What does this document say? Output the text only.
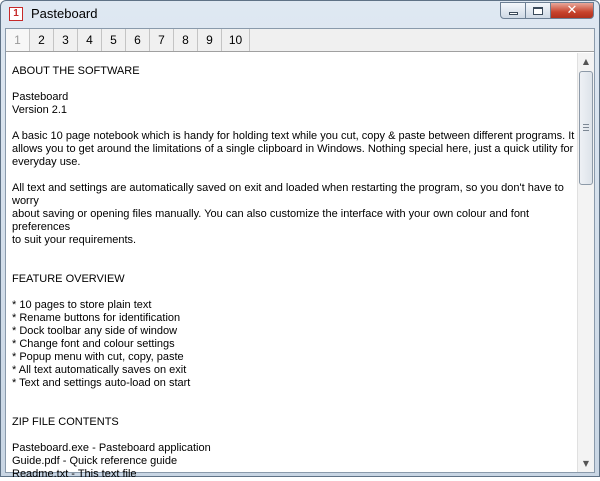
1 Pasteboard	✕
1	2	3	4	5	6	7	8	9	10
ABOUT THE SOFTWARE
Pasteboard
Version 2.1
A basic 10 page notebook which is handy for holding text while you cut, copy & paste between different programs. It
allows you to get around the limitations of a single clipboard in Windows. Nothing special here, just a quick utility for
everyday use.
All text and settings are automatically saved on exit and loaded when restarting the program, so you don't have to worry
about saving or opening files manually. You can also customize the interface with your own colour and font preferences
to suit your requirements.
FEATURE OVERVIEW
* 10 pages to store plain text
* Rename buttons for identification
* Dock toolbar any side of window
* Change font and colour settings
* Popup menu with cut, copy, paste
* All text automatically saves on exit
* Text and settings auto-load on start
ZIP FILE CONTENTS
Pasteboard.exe - Pasteboard application
Guide.pdf - Quick reference guide
Readme.txt - This text file
▲
▼
